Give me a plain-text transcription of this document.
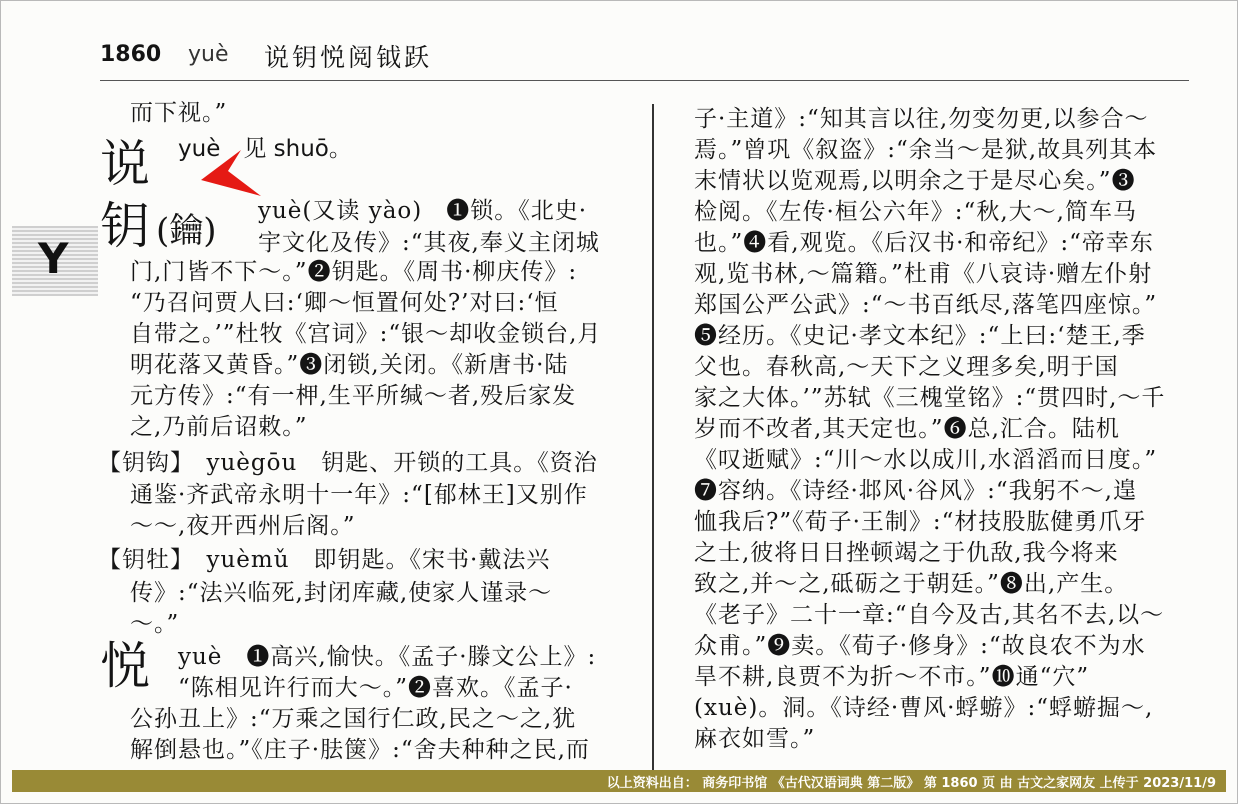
1860 yuè 说钥悦阅钺跃
Y
说
钥 (鑰)
悦
而下视。”
yuè　见 shuō。
yuè(又读 yào)　❶锁。《北史·
宇文化及传》:“其夜,奉义主闭城
门,门皆不下～。”❷钥匙。《周书·柳庆传》:
“乃召问贾人曰:‘卿～恒置何处?’对曰:‘恒
自带之。’”杜牧《宫词》:“银～却收金锁台,月
明花落又黄昏。”❸闭锁,关闭。《新唐书·陆
元方传》:“有一柙,生平所缄～者,殁后家发
之,乃前后诏敕。”
【钥钩】　yuègōu　钥匙、开锁的工具。《资治
通鉴·齐武帝永明十一年》:“[郁林王]又别作
～～,夜开西州后阁。”
【钥牡】　yuèmǔ　即钥匙。《宋书·戴法兴
传》:“法兴临死,封闭库藏,使家人谨录～
～。”
yuè　❶高兴,愉快。《孟子·滕文公上》:
“陈相见许行而大～。”❷喜欢。《孟子·
公孙丑上》:“万乘之国行仁政,民之～之,犹
解倒悬也。”《庄子·胠箧》:“舍夫种种之民,而
子·主道》:“知其言以往,勿变勿更,以参合～
焉。”曾巩《叙盗》:“余当～是狱,故具列其本
末情状以览观焉,以明余之于是尽心矣。”❸
检阅。《左传·桓公六年》:“秋,大～,简车马
也。”❹看,观览。《后汉书·和帝纪》:“帝幸东
观,览书林,～篇籍。”杜甫《八哀诗·赠左仆射
郑国公严公武》:“～书百纸尽,落笔四座惊。”
❺经历。《史记·孝文本纪》:“上曰:‘楚王,季
父也。春秋高,～天下之义理多矣,明于国
家之大体。’”苏轼《三槐堂铭》:“贯四时,～千
岁而不改者,其天定也。”❻总,汇合。陆机
《叹逝赋》:“川～水以成川,水滔滔而日度。”
❼容纳。《诗经·邶风·谷风》:“我躬不～,遑
恤我后?”《荀子·王制》:“材技股肱健勇爪牙
之士,彼将日日挫顿竭之于仇敌,我今将来
致之,并～之,砥砺之于朝廷。”❽出,产生。
《老子》二十一章:“自今及古,其名不去,以～
众甫。”❾卖。《荀子·修身》:“故良农不为水
旱不耕,良贾不为折～不市。”❿通“穴”
(xuè)。洞。《诗经·曹风·蜉蝣》:“蜉蝣掘～,
麻衣如雪。”
以上资料出自： 商务印书馆 《古代汉语词典 第二版》 第 1860 页 由 古文之家网友 上传于 2023/11/9
